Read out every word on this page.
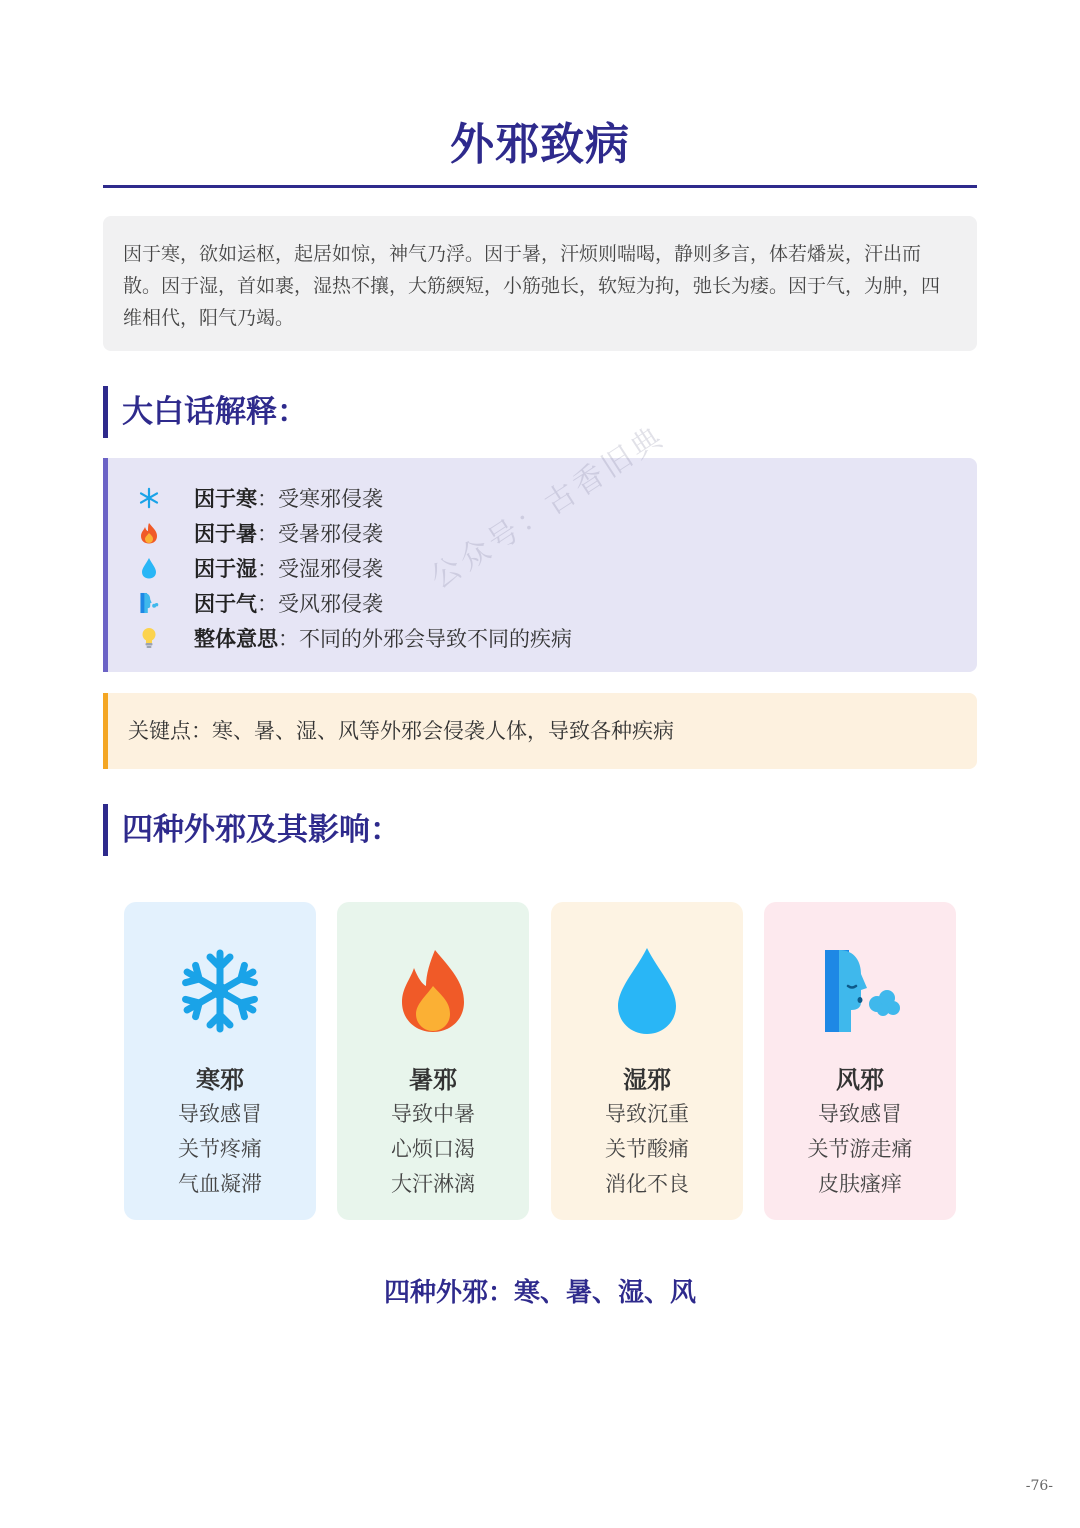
外邪致病
因于寒，欲如运枢，起居如惊，神气乃浮。因于暑，汗烦则喘喝，静则多言，体若燔炭，汗出而散。因于湿，首如裹，湿热不攘，大筋緛短，小筋弛长，软短为拘，弛长为痿。因于气，为肿，四维相代，阳气乃竭。
大白话解释：
因于寒 ： 受寒邪侵袭
因于暑 ： 受暑邪侵袭
因于湿 ： 受湿邪侵袭
因于气 ： 受风邪侵袭
整体意思 ： 不同的外邪会导致不同的疾病
公众号：古香旧典
关键点：寒、暑、湿、风等外邪会侵袭人体，导致各种疾病
四种外邪及其影响：
寒邪
导致感冒
关节疼痛
气血凝滞
暑邪
导致中暑
心烦口渴
大汗淋漓
湿邪
导致沉重
关节酸痛
消化不良
风邪
导致感冒
关节游走痛
皮肤瘙痒
四种外邪：寒、暑、湿、风
-76-
